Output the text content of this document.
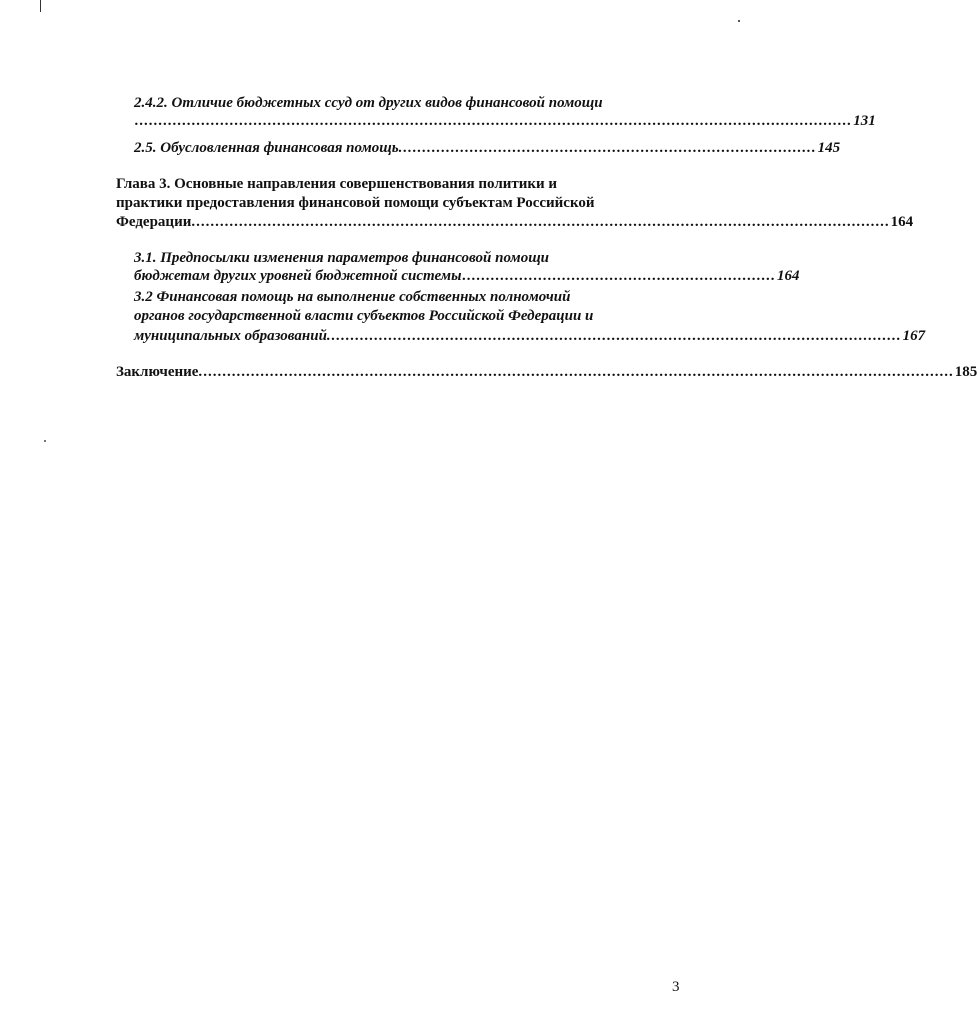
2.4.2. Отличие бюджетных ссуд от других видов финансовой помощи
....................................................................................................................................................... 131
2.5. Обусловленная финансовая помощь. ....................................................................................... 145
Глава 3. Основные направления совершенствования политики и
практики предоставления финансовой помощи субъектам Российской
Федерации. .................................................................................................................................................. 164
3.1. Предпосылки изменения параметров финансовой помощи
бюджетам других уровней бюджетной системы .................................................................. 164
3.2 Финансовая помощь на выполнение собственных полномочий
органов государственной власти субъектов Российской Федерации и
муниципальных образований. ........................................................................................................................ 167
Заключение. .............................................................................................................................................................. 185
3
